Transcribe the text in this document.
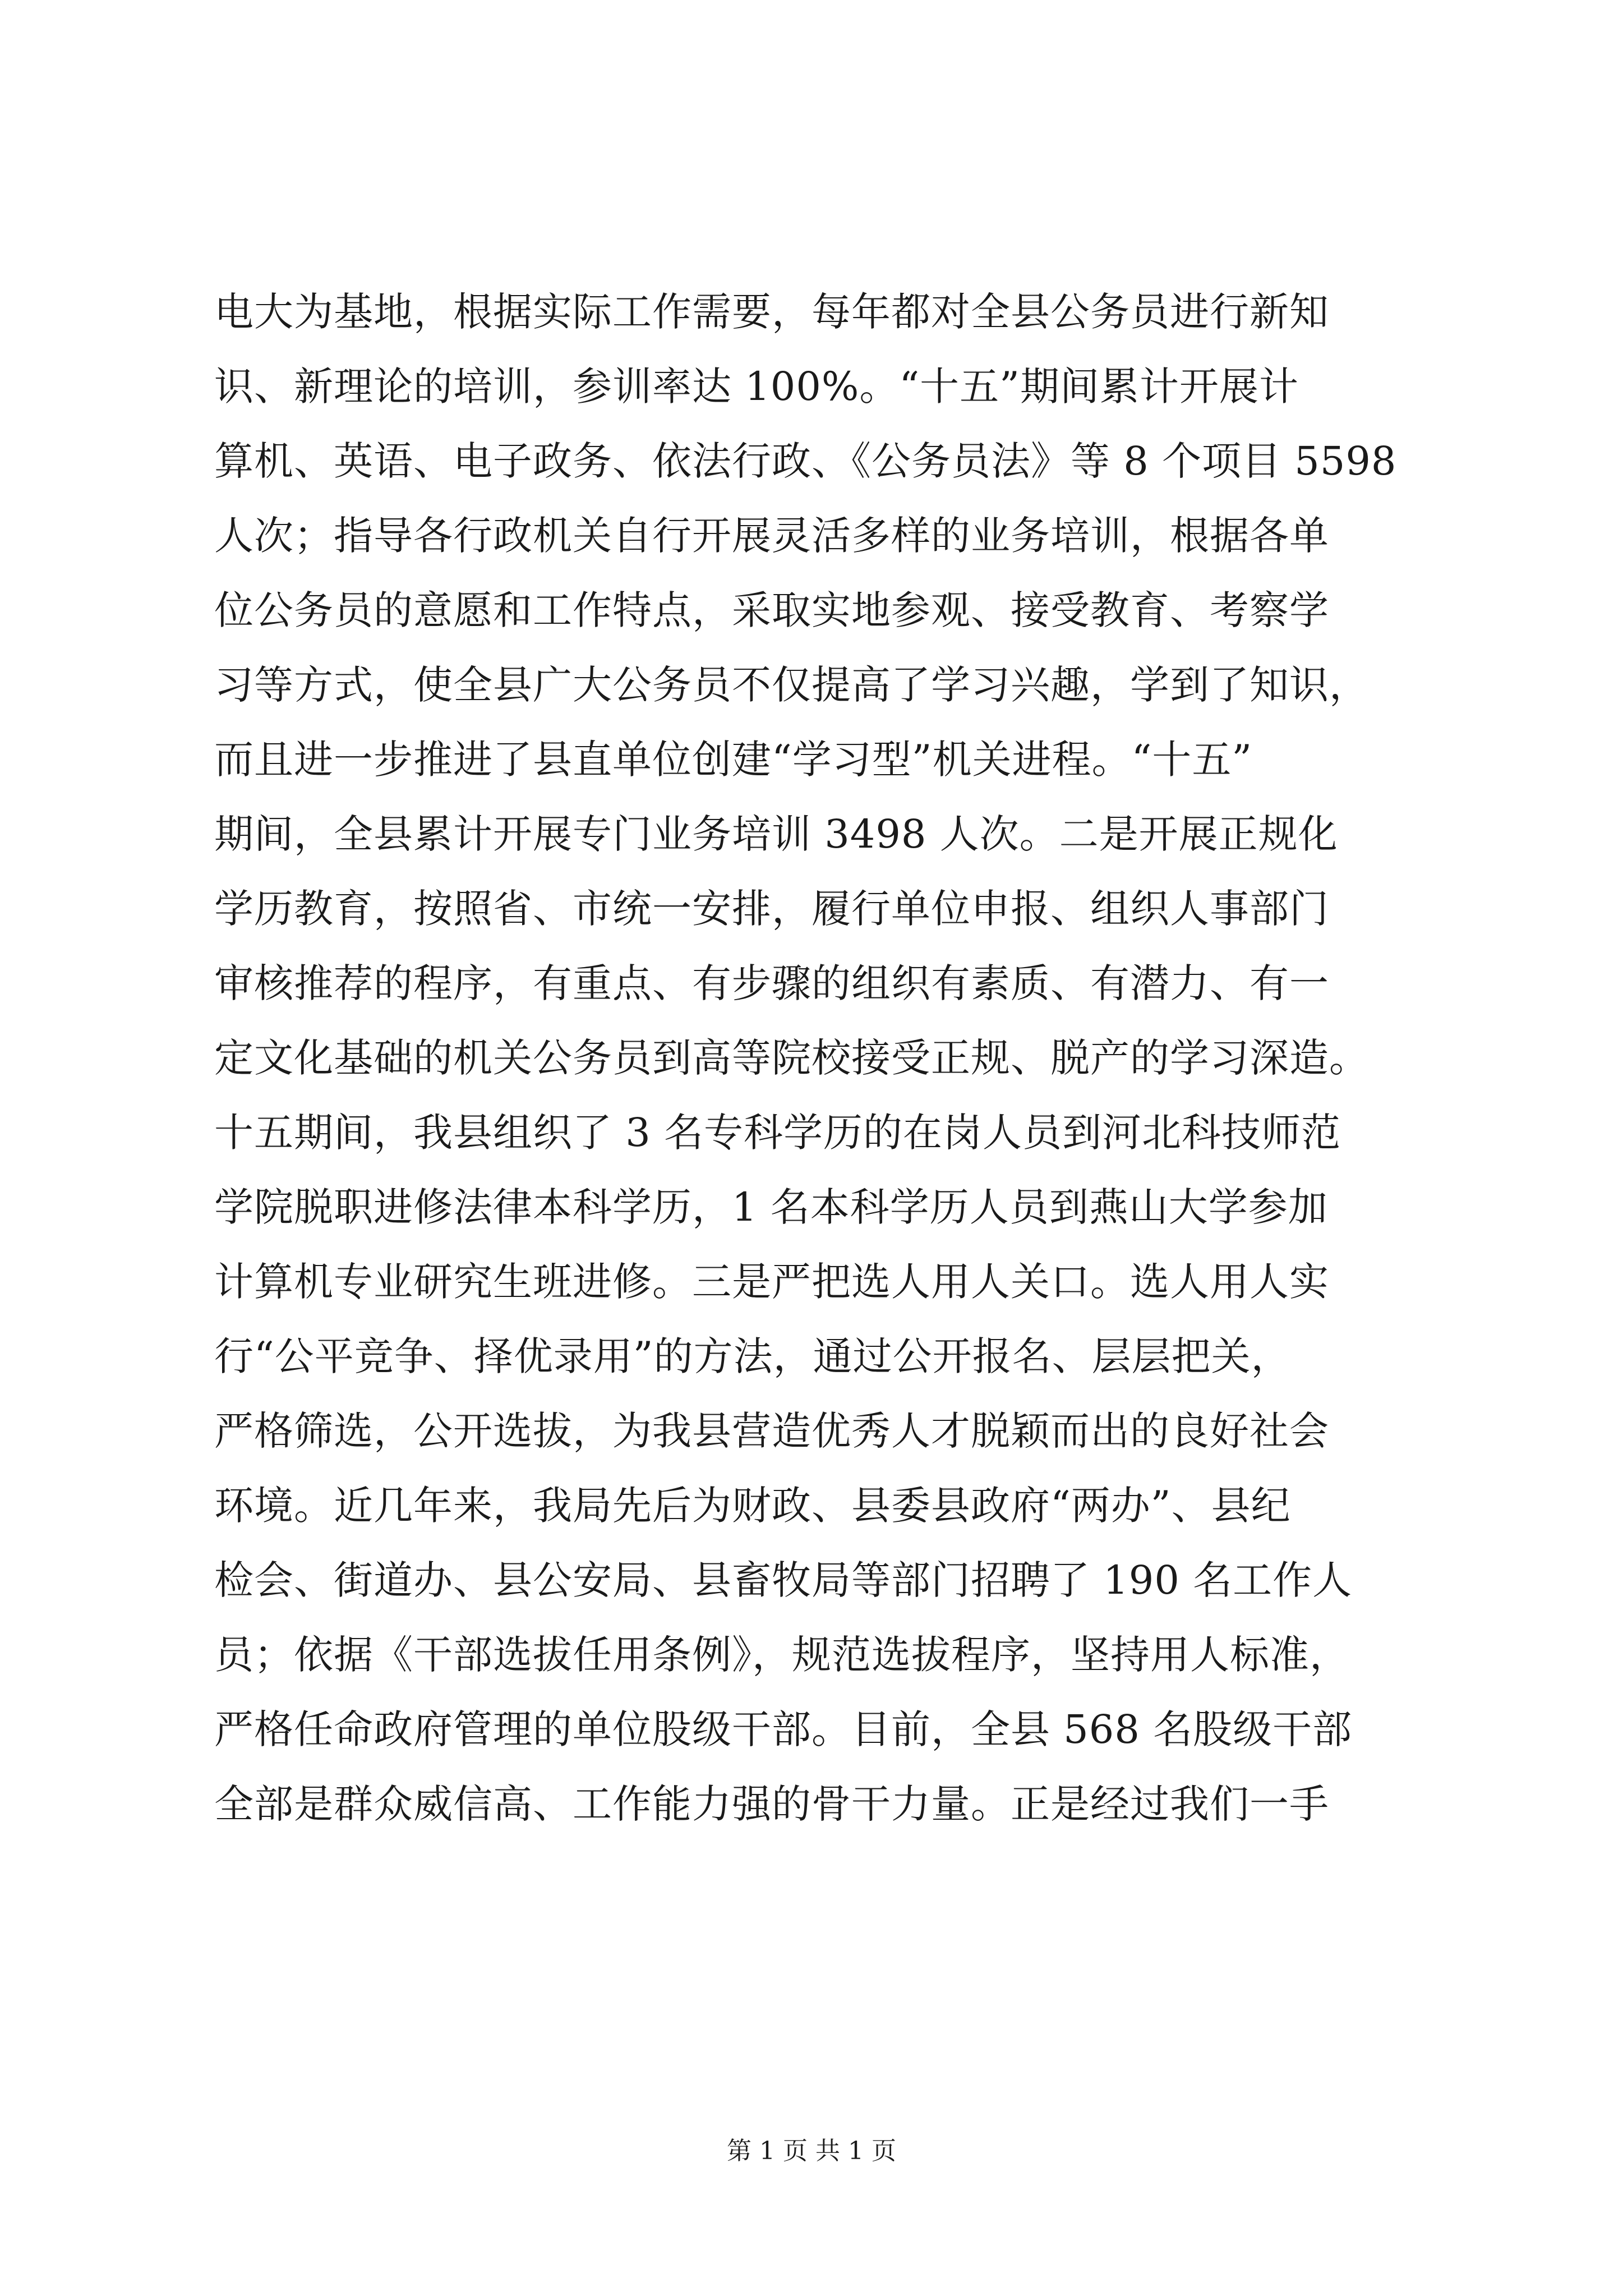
电大为基地，根据实际工作需要，每年都对全县公务员进行新知
识、新理论的培训，参训率达 100%。“十五”期间累计开展计
算机、英语、电子政务、依法行政、《公务员法》等 8 个项目 5598
人次；指导各行政机关自行开展灵活多样的业务培训，根据各单
位公务员的意愿和工作特点，采取实地参观、接受教育、考察学
习等方式，使全县广大公务员不仅提高了学习兴趣，学到了知识，
而且进一步推进了县直单位创建“学习型”机关进程。“十五”
期间，全县累计开展专门业务培训 3498 人次。二是开展正规化
学历教育，按照省、市统一安排，履行单位申报、组织人事部门
审核推荐的程序，有重点、有步骤的组织有素质、有潜力、有一
定文化基础的机关公务员到高等院校接受正规、脱产的学习深造。
十五期间，我县组织了 3 名专科学历的在岗人员到河北科技师范
学院脱职进修法律本科学历，1 名本科学历人员到燕山大学参加
计算机专业研究生班进修。三是严把选人用人关口。选人用人实
行“公平竞争、择优录用”的方法，通过公开报名、层层把关，
严格筛选，公开选拔，为我县营造优秀人才脱颖而出的良好社会
环境。近几年来，我局先后为财政、县委县政府“两办”、县纪
检会、街道办、县公安局、县畜牧局等部门招聘了 190 名工作人
员；依据《干部选拔任用条例》，规范选拔程序，坚持用人标准，
严格任命政府管理的单位股级干部。目前，全县 568 名股级干部
全部是群众威信高、工作能力强的骨干力量。正是经过我们一手
第 1 页 共 1 页
